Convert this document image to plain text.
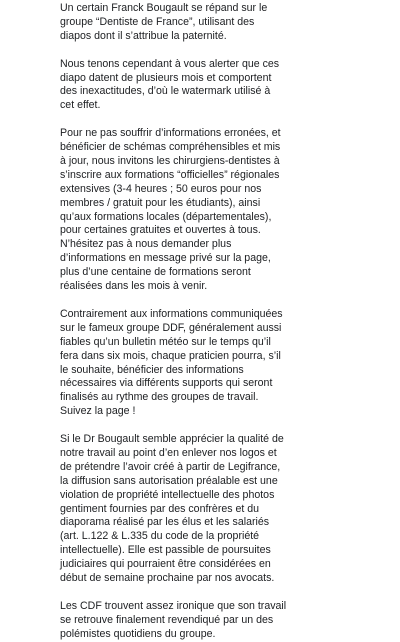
Un certain Franck Bougault se répand sur le
groupe “Dentiste de France”, utilisant des
diapos dont il s’attribue la paternité.

Nous tenons cependant à vous alerter que ces
diapo datent de plusieurs mois et comportent
des inexactitudes, d’où le watermark utilisé à
cet effet.

Pour ne pas souffrir d’informations erronées, et
bénéficier de schémas compréhensibles et mis
à jour, nous invitons les chirurgiens-dentistes à
s’inscrire aux formations “officielles” régionales
extensives (3-4 heures ; 50 euros pour nos
membres / gratuit pour les étudiants), ainsi
qu’aux formations locales (départementales),
pour certaines gratuites et ouvertes à tous.
N’hésitez pas à nous demander plus
d’informations en message privé sur la page,
plus d’une centaine de formations seront
réalisées dans les mois à venir.

Contrairement aux informations communiquées
sur le fameux groupe DDF, généralement aussi
fiables qu’un bulletin météo sur le temps qu’il
fera dans six mois, chaque praticien pourra, s’il
le souhaite, bénéficier des informations
nécessaires via différents supports qui seront
finalisés au rythme des groupes de travail.
Suivez la page !

Si le Dr Bougault semble apprécier la qualité de
notre travail au point d’en enlever nos logos et
de prétendre l’avoir créé à partir de Legifrance,
la diffusion sans autorisation préalable est une
violation de propriété intellectuelle des photos
gentiment fournies par des confrères et du
diaporama réalisé par les élus et les salariés
(art. L.122 & L.335 du code de la propriété
intellectuelle). Elle est passible de poursuites
judiciaires qui pourraient être considérées en
début de semaine prochaine par nos avocats.

Les CDF trouvent assez ironique que son travail
se retrouve finalement revendiqué par un des
polémistes quotidiens du groupe.
